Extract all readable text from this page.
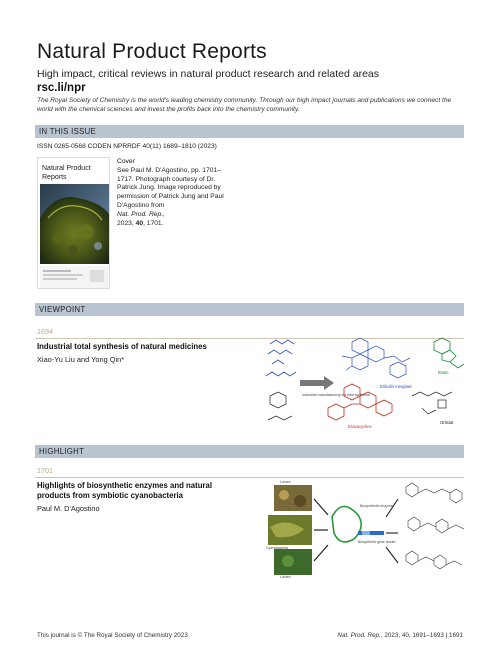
Natural Product Reports
High impact, critical reviews in natural product research and related areas
rsc.li/npr
The Royal Society of Chemistry is the world's leading chemistry community. Through our high impact journals and publications we connect the world with the chemical sciences and invest the profits back into the chemistry community.
IN THIS ISSUE
ISSN 0265-0568 CODEN NPRRDF 40(11) 1689–1810 (2023)
Natural Product
Reports
Cover
See Paul M. D'Agostino, pp. 1701–1717. Photograph courtesy of Dr. Patrick Jung. Image reproduced by permission of Patrick Jung and Paul D'Agostino from
Nat. Prod. Rep.,
2023, 40, 1701.
VIEWPOINT
1694
Industrial total synthesis of natural medicines
Xiao-Yu Liu and Yong Qin*
Eribulin mesylate
Biotin
Industrial manufacturing via total synthesis
Eravacycline
Orlistat
HIGHLIGHT
1701
Highlights of biosynthetic enzymes and natural products from symbiotic cyanobacteria
Paul M. D'Agostino
Lichen
Cyanobacteria
Lichen
Biosynthetic enzyme
Biosynthetic gene cluster
This journal is © The Royal Society of Chemistry 2023	Nat. Prod. Rep., 2023, 40, 1691–1693 | 1691
